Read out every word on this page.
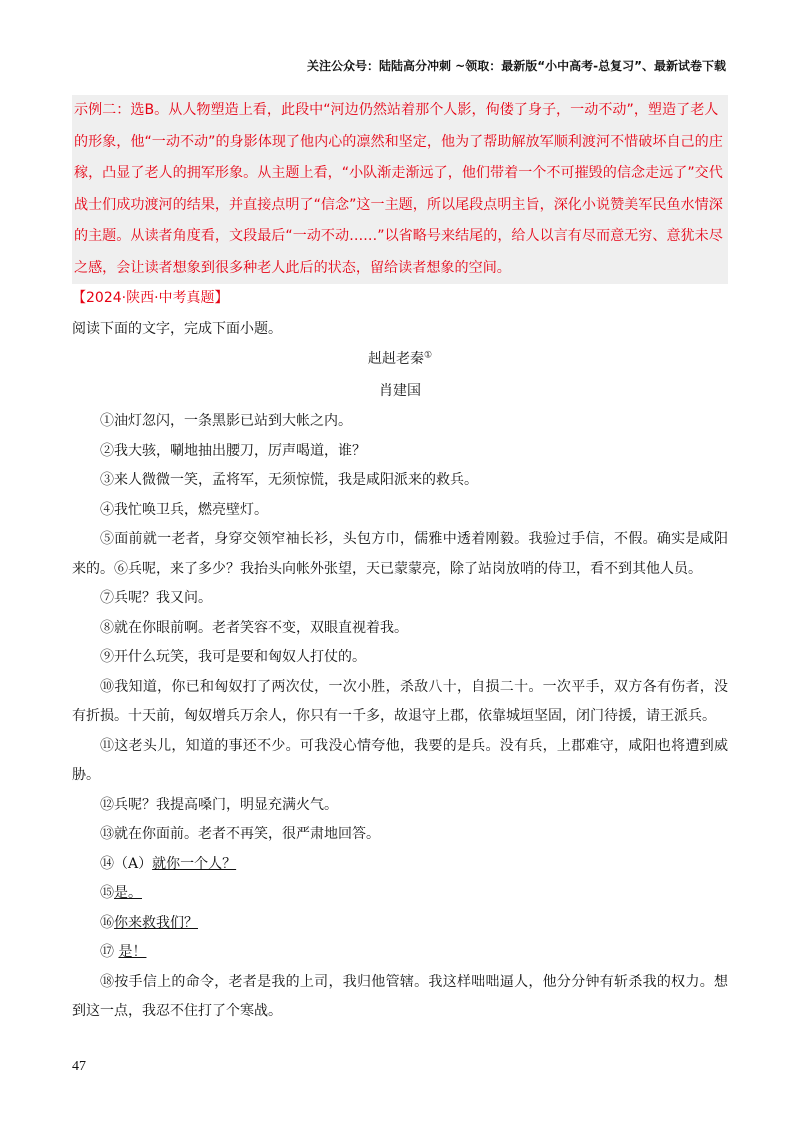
关注公众号：陆陆高分冲刺 ~领取：最新版“小中高考-总复习”、最新试卷下载

示例二：选B。从人物塑造上看，此段中“河边仍然站着那个人影，佝偻了身子，一动不动”，塑造了老人的形象，他“一动不动”的身影体现了他内心的凛然和坚定，他为了帮助解放军顺利渡河不惜破坏自己的庄稼，凸显了老人的拥军形象。从主题上看，“小队渐走渐远了，他们带着一个不可摧毁的信念走远了”交代战士们成功渡河的结果，并直接点明了“信念”这一主题，所以尾段点明主旨，深化小说赞美军民鱼水情深的主题。从读者角度看，文段最后“一动不动……”以省略号来结尾的，给人以言有尽而意无穷、意犹未尽之感，会让读者想象到很多种老人此后的状态，留给读者想象的空间。

【2024·陕西·中考真题】
阅读下面的文字，完成下面小题。
赳赳老秦①
肖建国

①油灯忽闪，一条黑影已站到大帐之内。

②我大骇，唰地抽出腰刀，厉声喝道，谁？

③来人微微一笑，孟将军，无须惊慌，我是咸阳派来的救兵。

④我忙唤卫兵，燃亮壁灯。

⑤面前就一老者，身穿交领窄袖长衫，头包方巾，儒雅中透着刚毅。我验过手信，不假。确实是咸阳来的。⑥兵呢，来了多少？我抬头向帐外张望，天已蒙蒙亮，除了站岗放哨的侍卫，看不到其他人员。

⑦兵呢？我又问。

⑧就在你眼前啊。老者笑容不变，双眼直视着我。

⑨开什么玩笑，我可是要和匈奴人打仗的。

⑩我知道，你已和匈奴打了两次仗，一次小胜，杀敌八十，自损二十。一次平手，双方各有伤者，没有折损。十天前，匈奴增兵万余人，你只有一千多，故退守上郡，依靠城垣坚固，闭门待援，请王派兵。

⑪这老头儿，知道的事还不少。可我没心情夸他，我要的是兵。没有兵，上郡难守，咸阳也将遭到威胁。

⑫兵呢？我提高嗓门，明显充满火气。

⑬就在你面前。老者不再笑，很严肃地回答。

⑭（A）就你一个人？

⑮是。

⑯你来救我们？

⑰ 是！

⑱按手信上的命令，老者是我的上司，我归他管辖。我这样咄咄逼人，他分分钟有斩杀我的权力。想到这一点，我忍不住打了个寒战。

47
